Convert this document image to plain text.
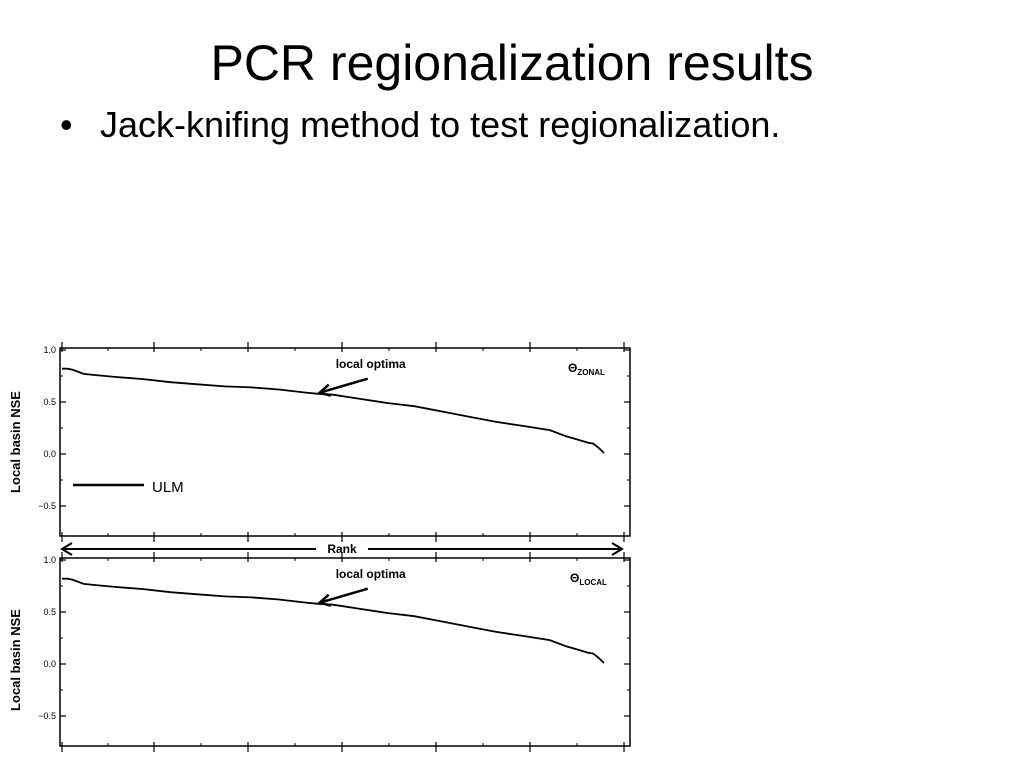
PCR regionalization results
• Jack-knifing method to test regionalization.
1.0
0.5
0.0
−0.5
Local basin NSE
local optima	$\Theta_{ZONAL}$
ULM
Rank
1.0
0.5
0.0
−0.5
Local basin NSE
local optima	$\Theta_{LOCAL}$
